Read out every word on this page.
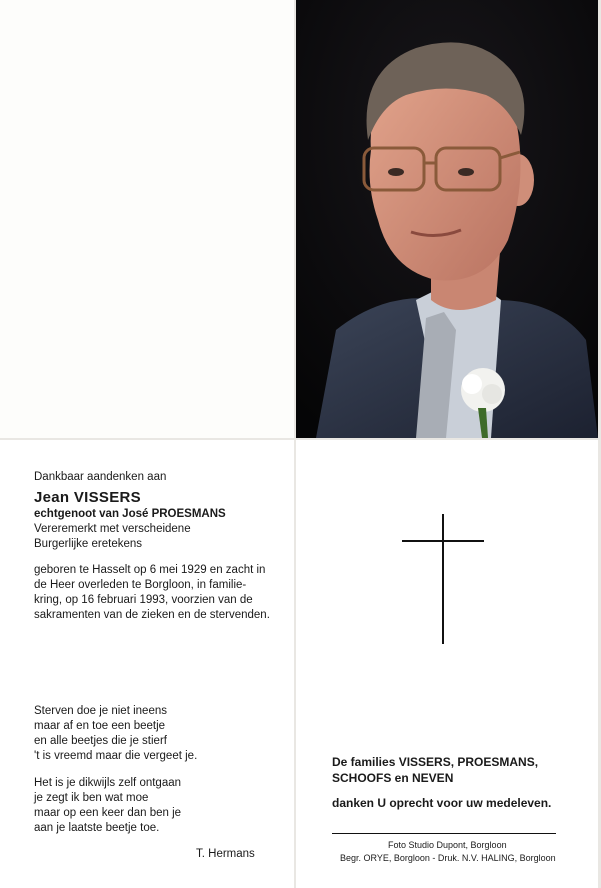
Dankbaar aandenken aan
Jean VISSERS
echtgenoot van José PROESMANS
Vereremerkt met verscheidene
Burgerlijke eretekens
geboren te Hasselt op 6 mei 1929 en zacht in
de Heer overleden te Borgloon, in familie-
kring, op 16 februari 1993, voorzien van de
sakramenten van de zieken en de stervenden.
Sterven doe je niet ineens
maar af en toe een beetje
en alle beetjes die je stierf
't is vreemd maar die vergeet je.
Het is je dikwijls zelf ontgaan
je zegt ik ben wat moe
maar op een keer dan ben je
aan je laatste beetje toe.
T. Hermans
De families VISSERS, PROESMANS,
SCHOOFS en NEVEN
danken U oprecht voor uw medeleven.
Foto Studio Dupont, Borgloon
Begr. ORYE, Borgloon - Druk. N.V. HALING, Borgloon
